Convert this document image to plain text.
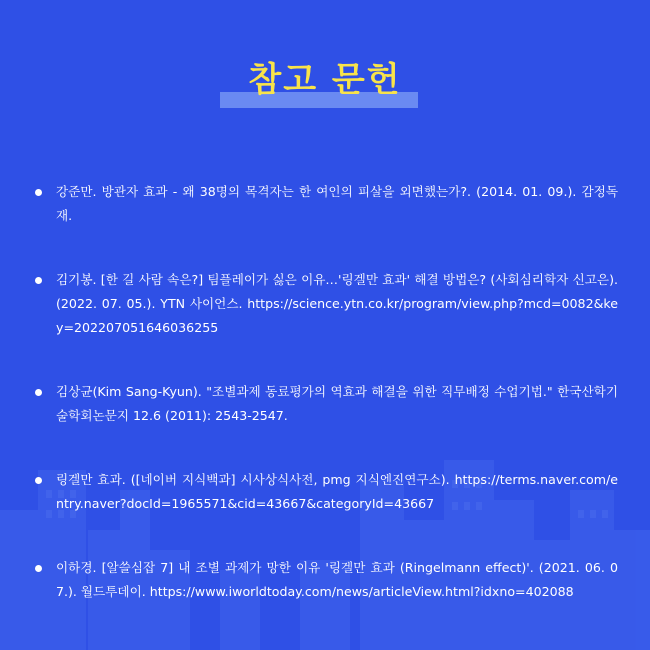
참고 문헌
강준만. 방관자 효과 - 왜 38명의 목격자는 한 여인의 피살을 외면했는가?. (2014. 01. 09.). 감정독재.
김기봉. [한 길 사람 속은?] 팀플레이가 싫은 이유…'링겔만 효과' 해결 방법은? (사회심리학자 신고은). (2022. 07. 05.). YTN 사이언스. https://science.ytn.co.kr/program/view.php?mcd=0082&key=202207051646036255
김상균(Kim Sang-Kyun). "조별과제 동료평가의 역효과 해결을 위한 직무배정 수업기법." 한국산학기술학회논문지 12.6 (2011): 2543-2547.
링겔만 효과. ([네이버 지식백과] 시사상식사전, pmg 지식엔진연구소). https://terms.naver.com/entry.naver?docId=1965571&cid=43667&categoryId=43667
이하경. [알쓸심잡 7] 내 조별 과제가 망한 이유 '링겔만 효과 (Ringelmann effect)'. (2021. 06. 07.). 월드투데이. https://www.iworldtoday.com/news/articleView.html?idxno=402088
